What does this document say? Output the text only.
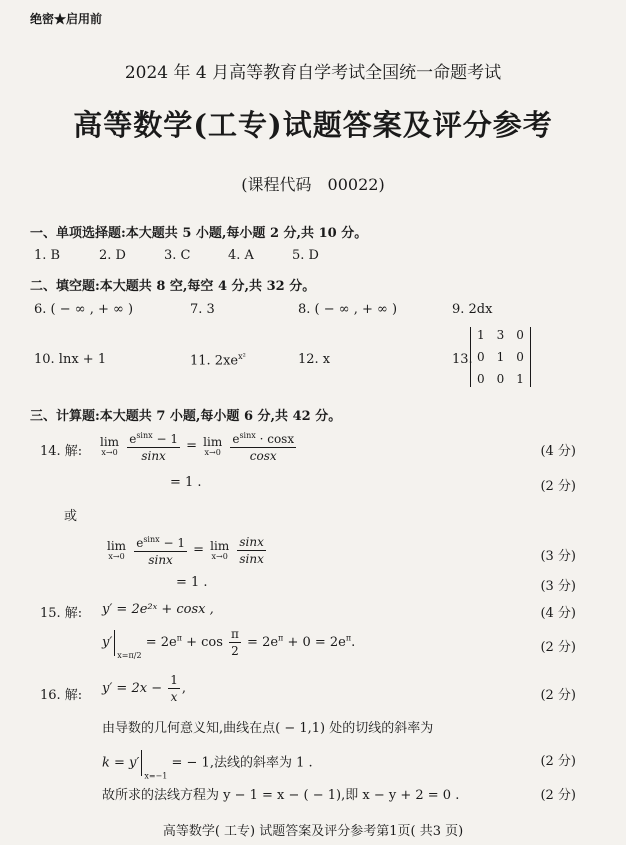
绝密★启用前
2024 年 4 月高等教育自学考试全国统一命题考试
高等数学(工专)试题答案及评分参考
(课程代码　00022)
一、单项选择题:本大题共 5 小题,每小题 2 分,共 10 分。
1. B	2. D	3. C	4. A	5. D
二、填空题:本大题共 8 空,每空 4 分,共 32 分。
6. ( − ∞ , + ∞ )	7. 3	8. ( − ∞ , + ∞ )	9. 2dx
10. lnx + 1	11. $2xe^{x^2}$	12. x	13.
1 3 0
0 1 0
0 0 1
三、计算题:本大题共 7 小题,每小题 6 分,共 42 分。
14. 解:
lim
x→0
$\frac{e^{sinx} - 1}{\sin x} = \lim$
x→0
$\frac{e^{sinx} \cdot \cos x}{\cos x}$	(4 分)
= 1 .	(2 分)
或
lim
x→0
$\frac{e^{sinx} - 1}{\sin x} = \lim$
x→0
$\frac{\sin x}{\sin x}$	(3 分)
= 1 .	(3 分)
15. 解: y′ = 2e²ˣ + cosx ,	(4 分)
$y'_{x=\pi/2} = 2e^\pi + \cos \frac{\pi}{2} = 2e^\pi + 0 = 2e^\pi$.	(2 分)
16. 解: $y' = 2x - \frac{1}{x}$ ,	(2 分)
由导数的几何意义知,曲线在点( − 1,1) 处的切线的斜率为
$k = y'_{x=-1}$ = − 1,法线的斜率为 1 .	(2 分)
故所求的法线方程为 y − 1 = x − ( − 1),即 x − y + 2 = 0 .	(2 分)
高等数学( 工专) 试题答案及评分参考第1页( 共3 页)
